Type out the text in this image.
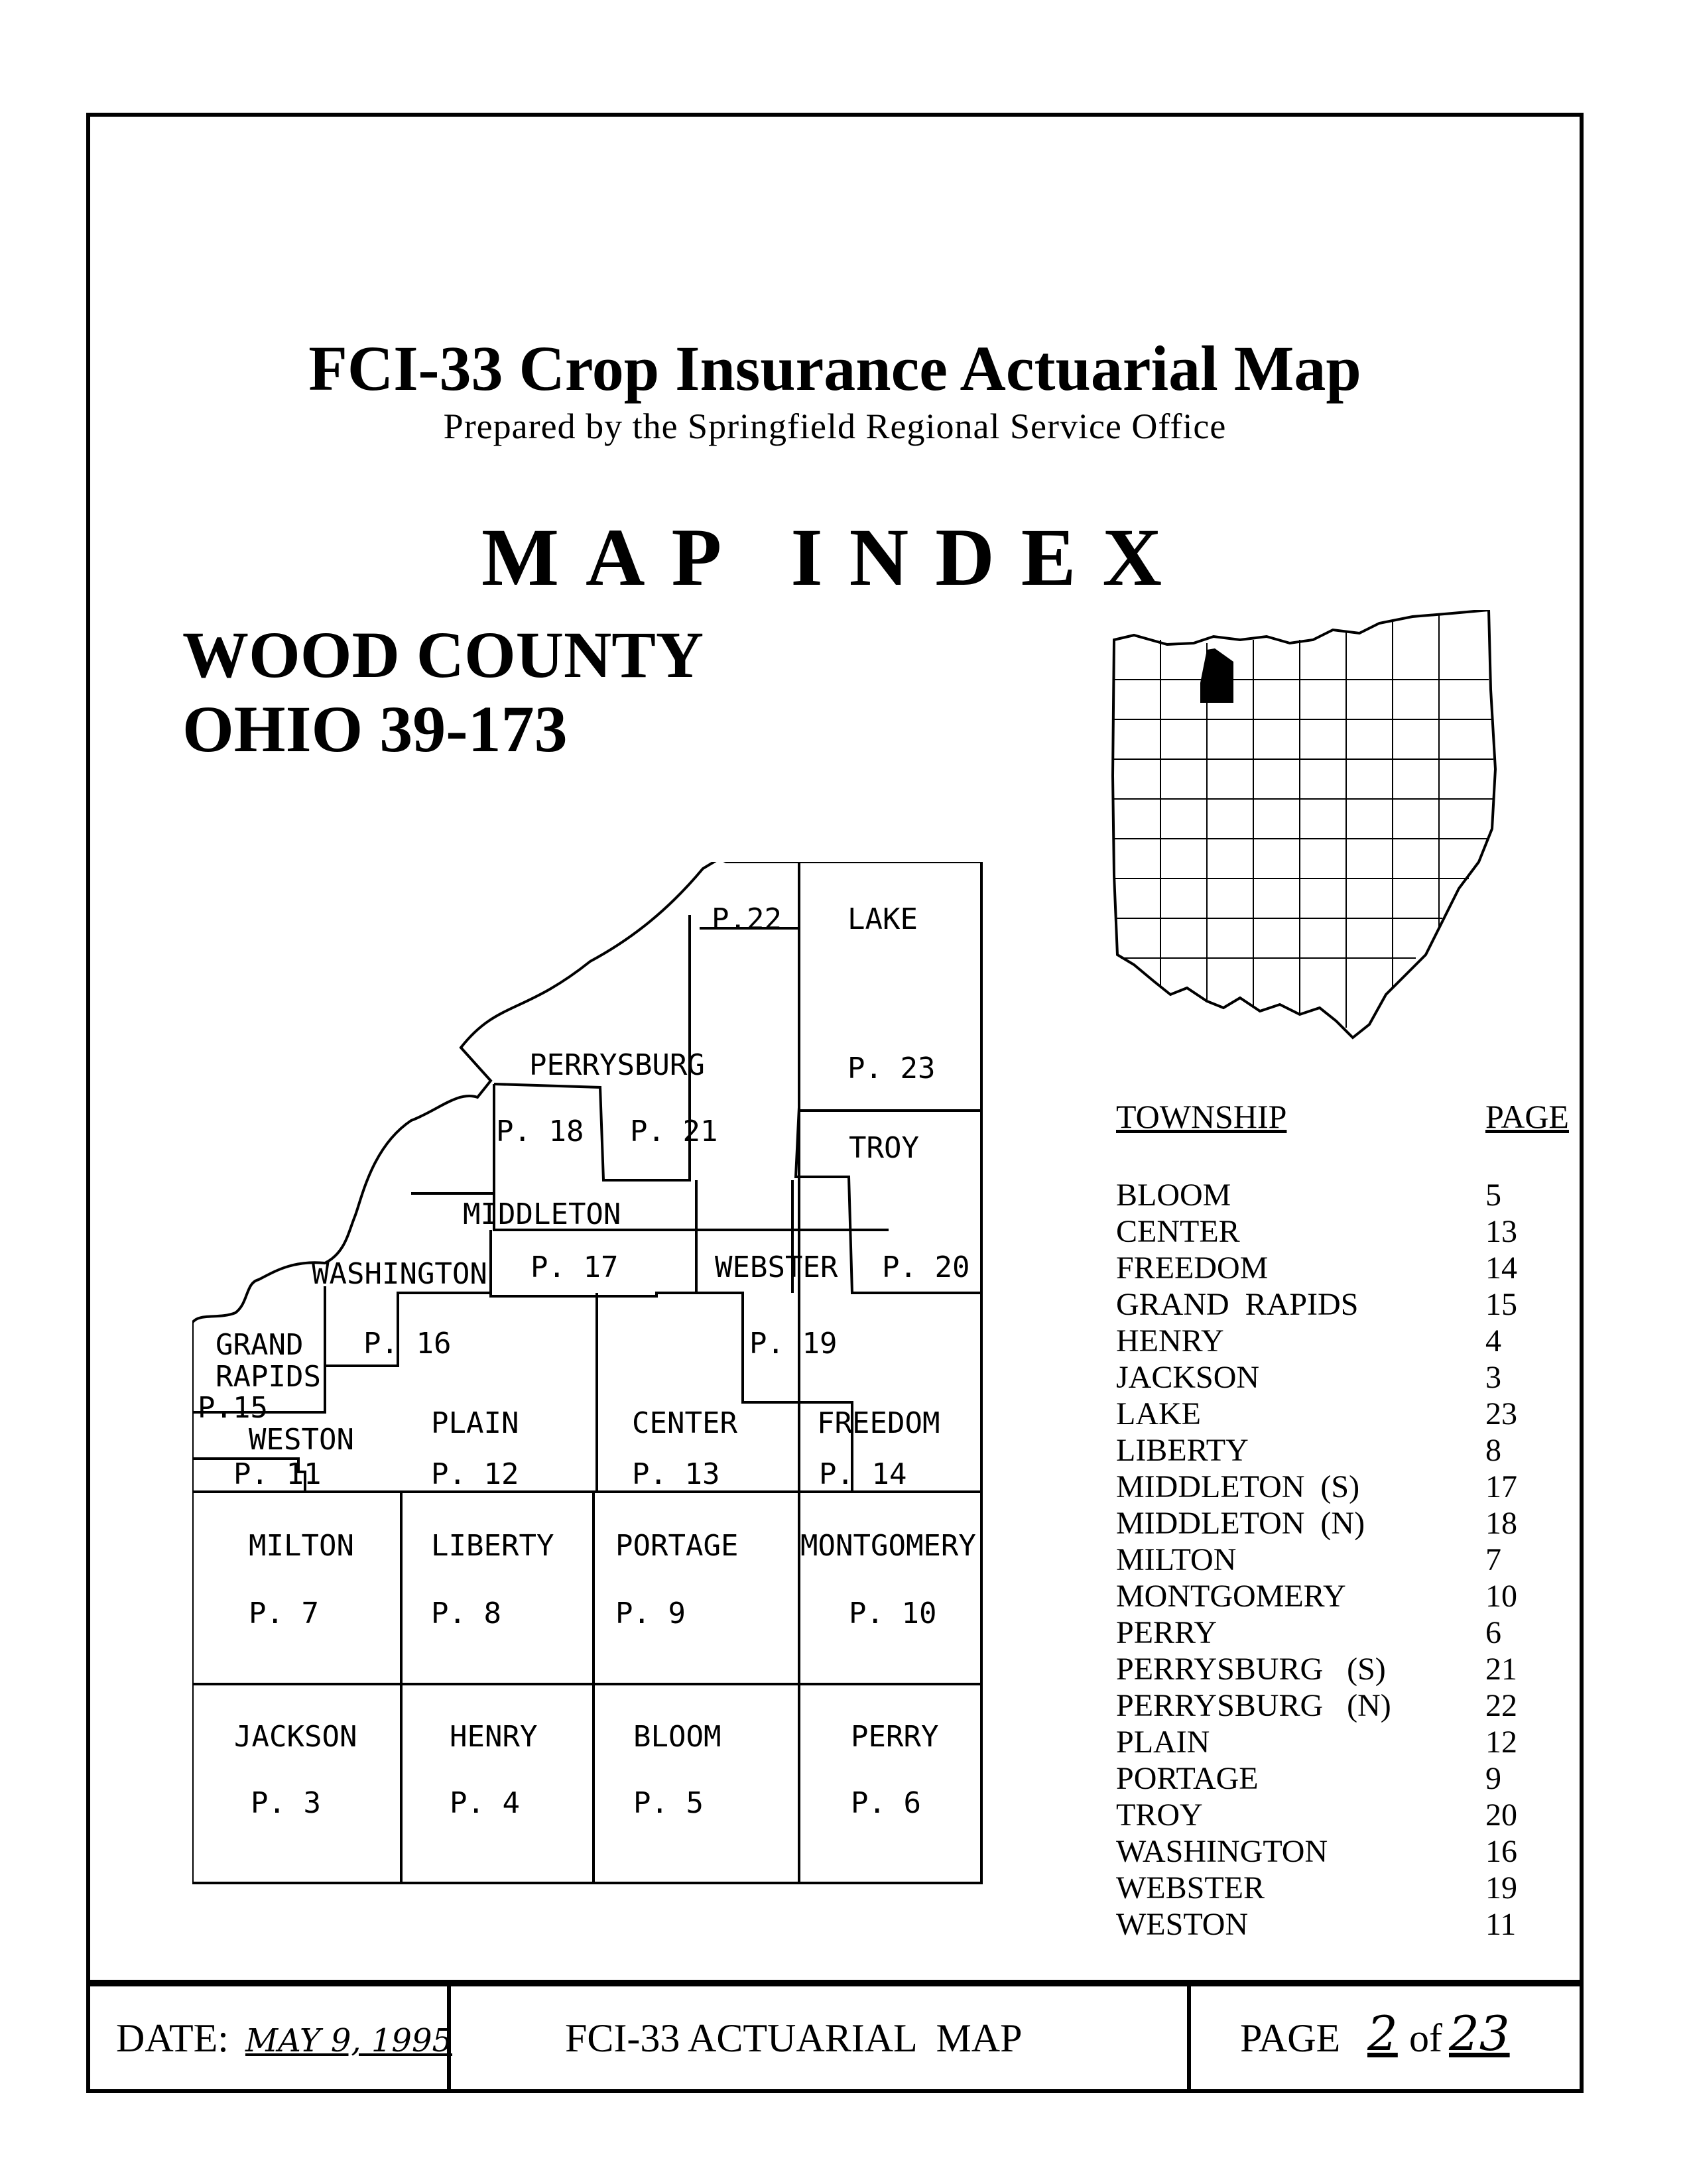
FCI-33 Crop Insurance Actuarial Map
Prepared by the Springfield Regional Service Office
MAP INDEX
WOOD COUNTY
OHIO 39-173
P.22 LAKE
P. 23
PERRYSBURG
P. 18 P. 21	TROY
MIDDLETON
P. 17	WEBSTER P. 20
WASHINGTON
P. 16
GRAND
RAPIDS
P.15
P. 19
WESTON
P. 11
PLAIN
P. 12
CENTER
P. 13
FREEDOM
P. 14
MILTON
P. 7
LIBERTY
P. 8
PORTAGE
P. 9
MONTGOMERY
P. 10
JACKSON
P. 3
HENRY
P. 4
BLOOM
P. 5
PERRY
P. 6
TOWNSHIP	PAGE
BLOOM	5
CENTER	13
FREEDOM	14
GRAND  RAPIDS	15
HENRY	4
JACKSON	3
LAKE	23
LIBERTY	8
MIDDLETON  (S)	17
MIDDLETON  (N)	18
MILTON	7
MONTGOMERY	10
PERRY	6
PERRYSBURG   (S)	21
PERRYSBURG   (N)	22
PLAIN	12
PORTAGE	9
TROY	20
WASHINGTON	16
WEBSTER	19
WESTON	11
DATE: MAY 9, 1995	FCI-33 ACTUARIAL  MAP	PAGE 2 of 23
